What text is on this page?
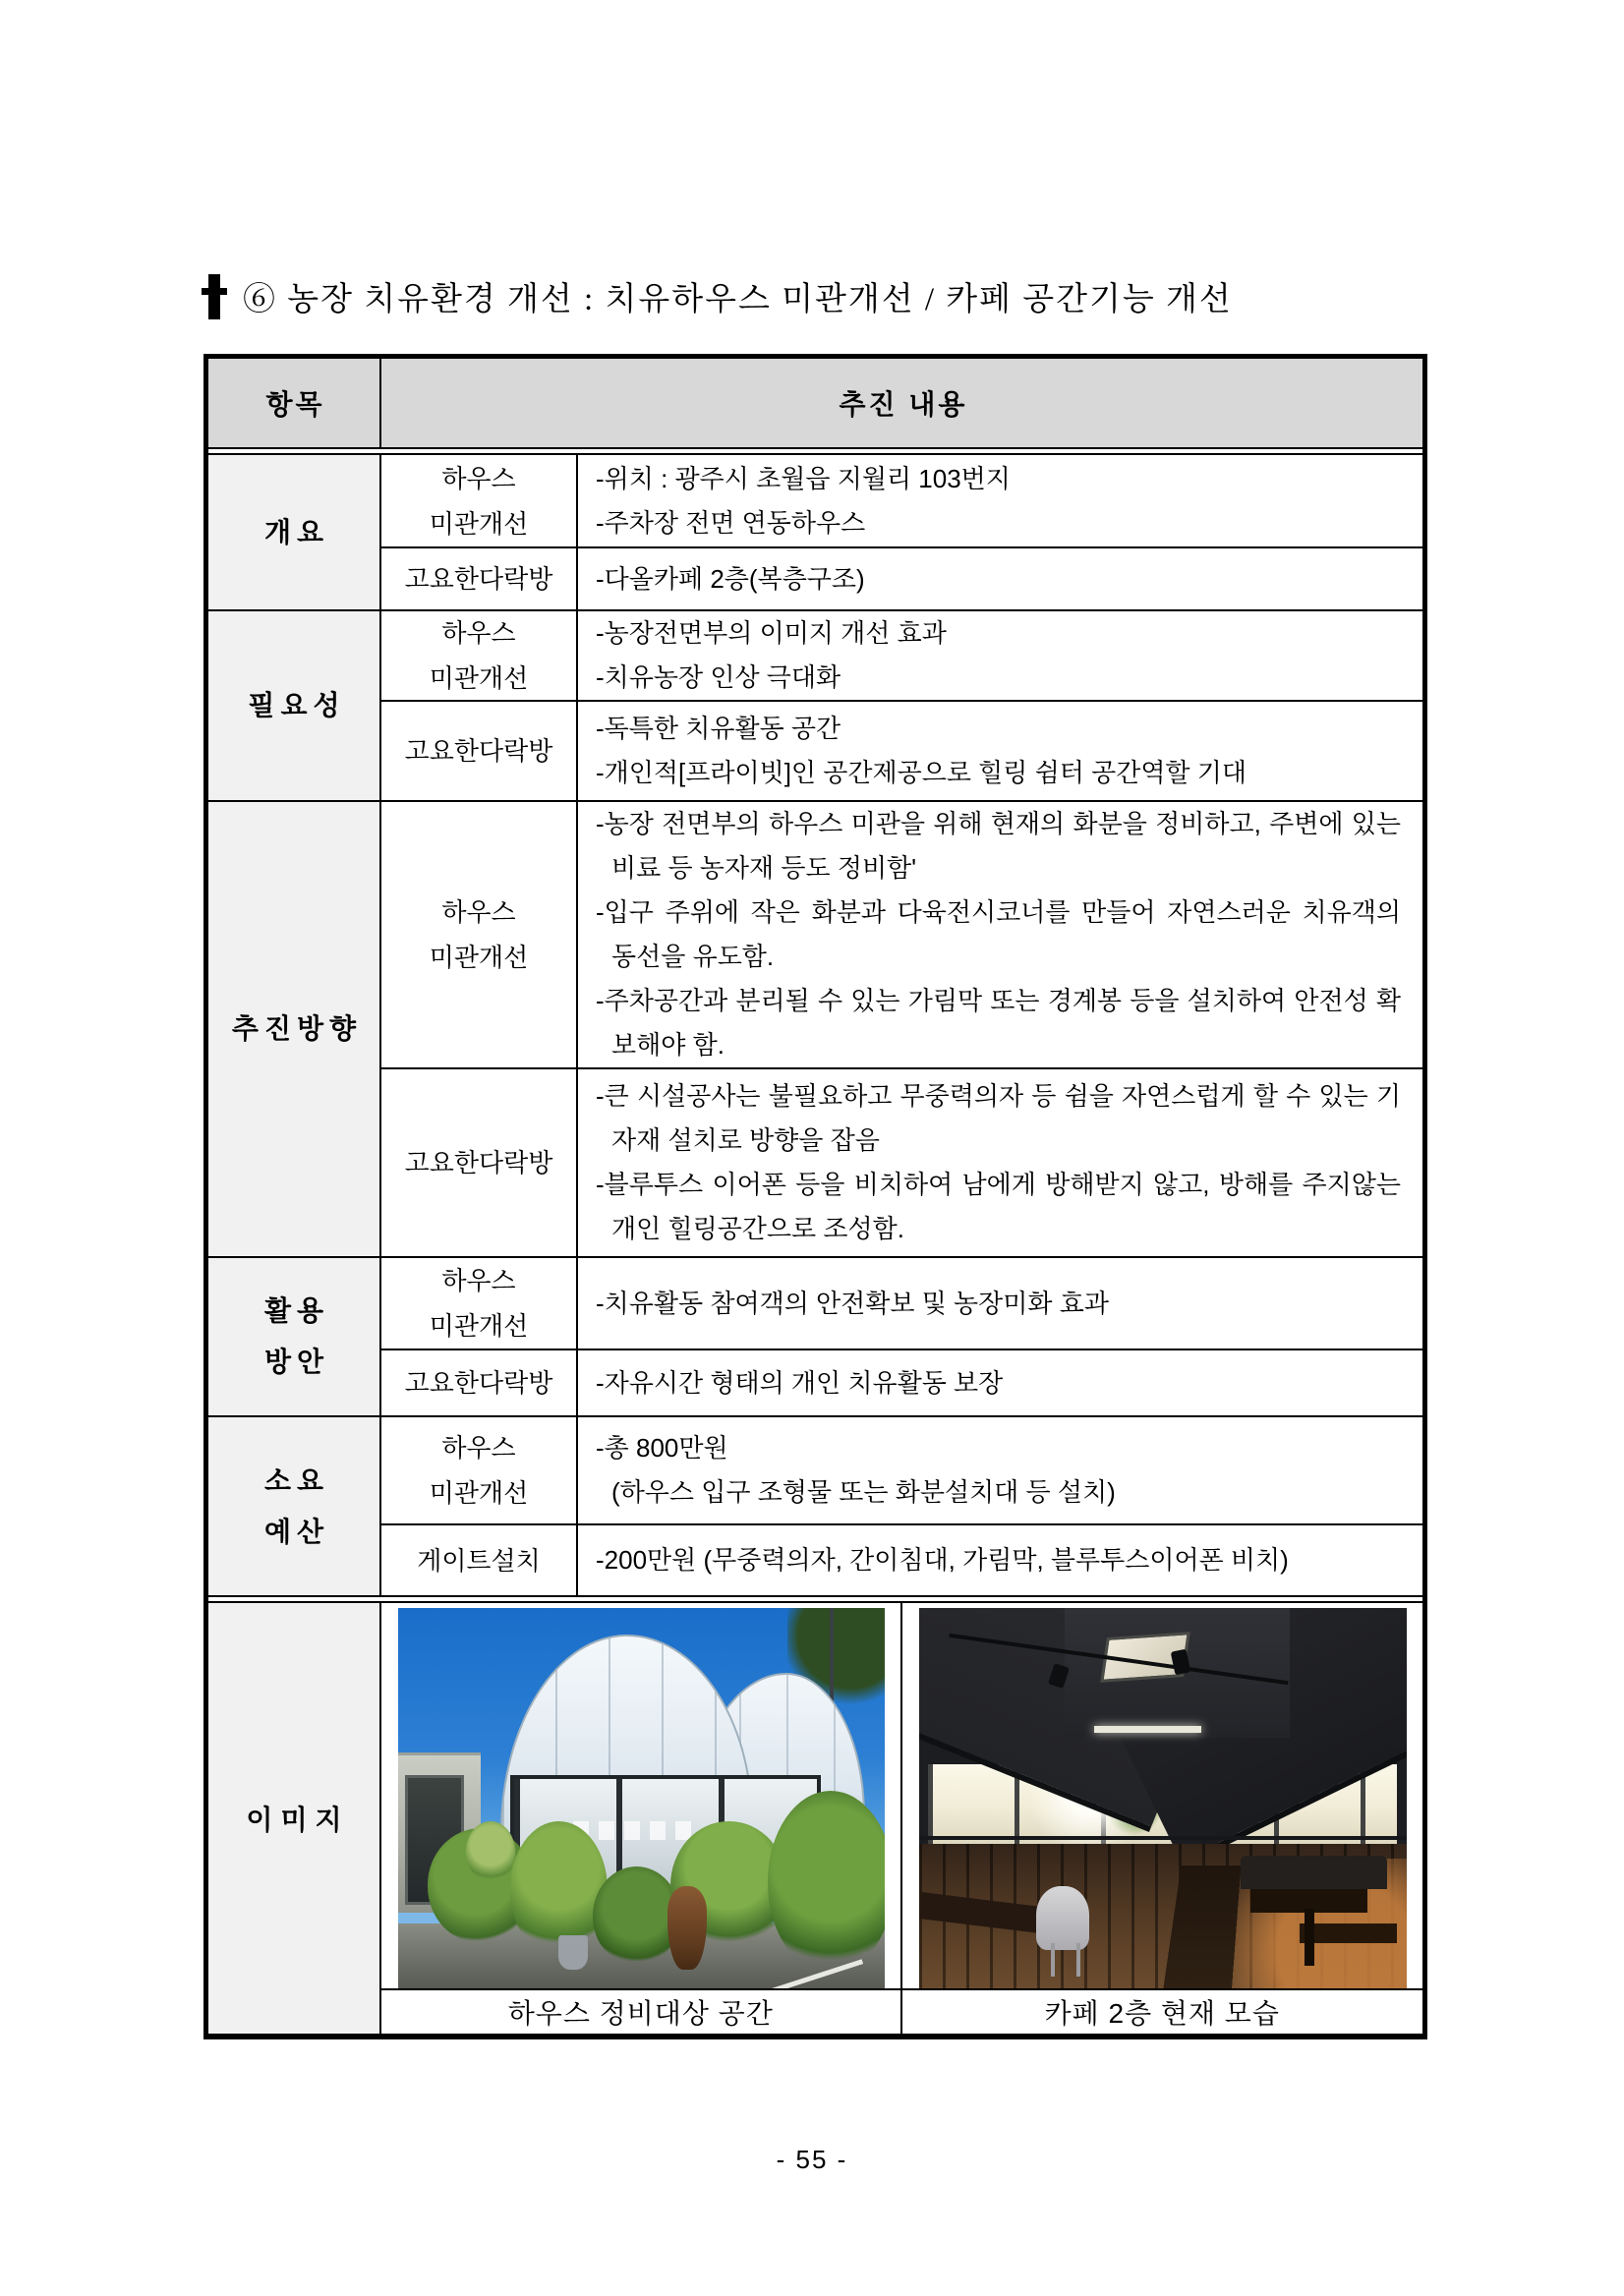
⑥ 농장 치유환경 개선 : 치유하우스 미관개선 / 카페 공간기능 개선
항목	추진 내용
개요
하우스
미관개선

-위치 : 광주시 초월읍 지월리 103번지

-주차장 전면 연동하우스

고요한다락방 -다올카페 2층(복층구조)

필요성
하우스
미관개선

-농장전면부의 이미지 개선 효과

-치유농장 인상 극대화

고요한다락방

-독특한 치유활동 공간

-개인적[프라이빗]인 공간제공으로 힐링 쉼터 공간역할 기대

추진방향
하우스
미관개선

-농장 전면부의 하우스 미관을 위해 현재의 화분을 정비하고, 주변에 있는 비료 등 농자재 등도 정비함'

-입구 주위에 작은 화분과 다육전시코너를 만들어 자연스러운 치유객의 동선을 유도함.

-주차공간과 분리될 수 있는 가림막 또는 경계봉 등을 설치하여 안전성 확보해야 함.

고요한다락방

-큰 시설공사는 불필요하고 무중력의자 등 쉼을 자연스럽게 할 수 있는 기자재 설치로 방향을 잡음

-블루투스 이어폰 등을 비치하여 남에게 방해받지 않고, 방해를 주지않는 개인 힐링공간으로 조성함.

활용
방안
하우스
미관개선

-치유활동 참여객의 안전확보 및 농장미화 효과

고요한다락방 -자유시간 형태의 개인 치유활동 보장

소요
예산
하우스
미관개선

-총 800만원

(하우스 입구 조형물 또는 화분설치대 등 설치)

게이트설치 -200만원 (무중력의자, 간이침대, 가림막, 블루투스이어폰 비치)

이미지
하우스 정비대상 공간	카페 2층 현재 모습
- 55 -
